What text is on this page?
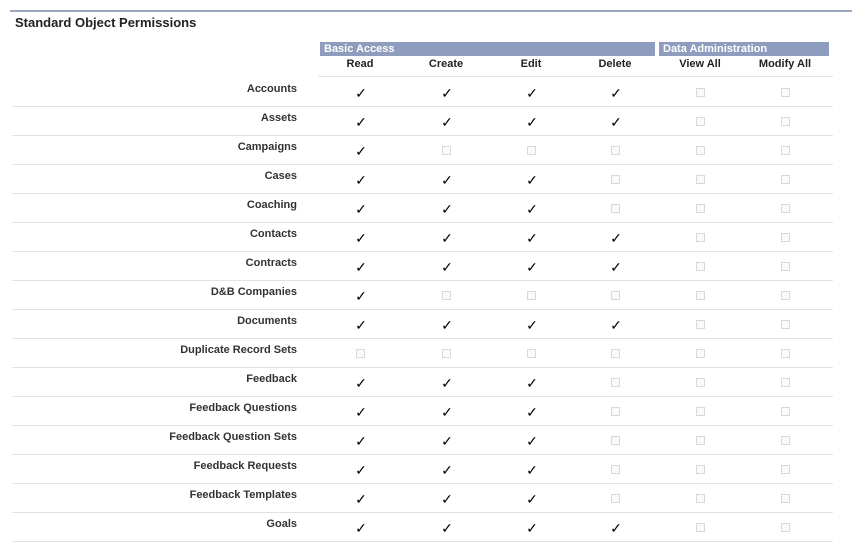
Standard Object Permissions
Basic Access	Data Administration
Read	Create	Edit	Delete	View All	Modify All
Accounts	✓	✓	✓	✓
Assets	✓	✓	✓	✓
Campaigns	✓
Cases	✓	✓	✓
Coaching	✓	✓	✓
Contacts	✓	✓	✓	✓
Contracts	✓	✓	✓	✓
D&B Companies	✓
Documents	✓	✓	✓	✓
Duplicate Record Sets
Feedback	✓	✓	✓
Feedback Questions	✓	✓	✓
Feedback Question Sets	✓	✓	✓
Feedback Requests	✓	✓	✓
Feedback Templates	✓	✓	✓
Goals	✓	✓	✓	✓
